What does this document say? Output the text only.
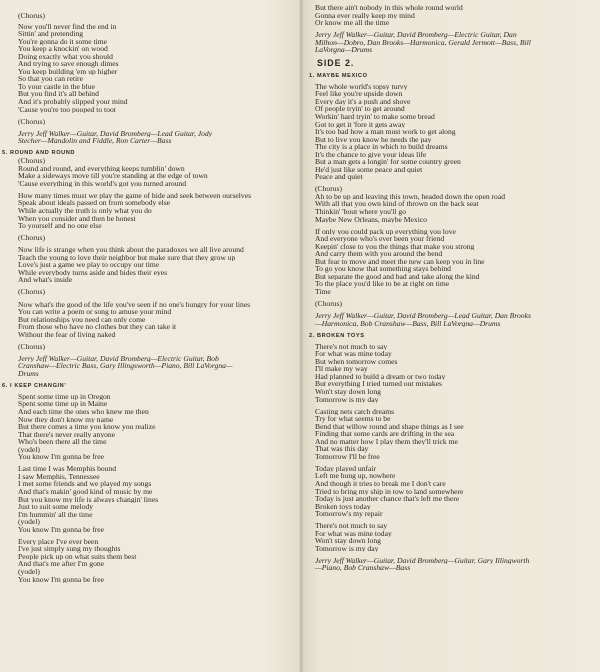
(Chorus)
Now you'll never find the end in
Sittin' and pretending
You're gonna do it some time
You keep a knockin' on wood
Doing exactly what you should
And trying to save enough dimes
You keep building 'em up higher
So that you can retire
To your castle in the blue
But you find it's all behind
And it's probably slipped your mind
'Cause you're too pooped to toot
(Chorus)
Jerry Jeff Walker—Guitar, David Bromberg—Lead Guitar, Jody
Stecher—Mandolin and Fiddle, Ron Carter—Bass
5. ROUND AND ROUND
(Chorus)
Round and round, and everything keeps tumblin' down
Make a sideways move till you're standing at the edge of town
'Cause everything in this world's got you turned around
How many times must we play the game of hide and seek between ourselves
Speak about ideals passed on from somebody else
While actually the truth is only what you do
When you consider and then be honest
To yourself and no one else
(Chorus)
Now life is strange when you think about the paradoxes we all live around
Teach the young to love their neighbor but make sure that they grow up
Love's just a game we play to occupy our time
While everybody turns aside and hides their eyes
And what's inside
(Chorus)
Now what's the good of the life you've seen if no one's hungry for your lines
You can write a poem or song to amuse your mind
But relationships you need can only come
From those who have no clothes but they can take it
Without the fear of living naked
(Chorus)
Jerry Jeff Walker—Guitar, David Bromberg—Electric Guitar, Bob
Cranshaw—Electric Bass, Gary Illingsworth—Piano, Bill LaVorgna—
Drums
6. I KEEP CHANGIN'
Spent some time up in Oregon
Spent some time up in Maine
And each time the ones who knew me then
Now they don't know my name
But there comes a time you know you realize
That there's never really anyone
Who's been there all the time
(yodel)
You know I'm gonna be free
Last time I was Memphis bound
I saw Memphis, Tennessee
I met some friends and we played my songs
And that's makin' good kind of music by me
But you know my life is always changin' lines
Just to suit some melody
I'm hummin' all the time
(yodel)
You know I'm gonna be free
Every place I've ever been
I've just simply sung my thoughts
People pick up on what suits them best
And that's me after I'm gone
(yodel)
You know I'm gonna be free
But there ain't nobody in this whole round world
Gonna ever really keep my mind
Or know me all the time
Jerry Jeff Walker—Guitar, David Bromberg—Electric Guitar, Dan
Milhon—Dobro, Dan Brooks—Harmonica, Gerald Jermott—Bass, Bill
LaVorgna—Drums
SIDE 2.
1. MAYBE MEXICO
The whole world's topsy turvy
Feel like you're upside down
Every day it's a push and shove
Of people tryin' to get around
Workin' hard tryin' to make some bread
Got to get it 'fore it gets away
It's too bad how a man must work to get along
But to live you know he needs the pay
The city is a place in which to build dreams
It's the chance to give your ideas life
But a man gets a longin' for some country green
He'd just like some peace and quiet
Peace and quiet
(Chorus)
Ah to be up and leaving this town, headed down the open road
With all that you own kind of thrown on the back seat
Thinkin' 'bout where you'll go
Maybe New Orleans, maybe Mexico
If only you could pack up everything you love
And everyone who's ever been your friend
Keepin' close to you the things that make you strong
And carry them with you around the bend
But fear to move and meet the new can keep you in line
To go you know that something stays behind
But separate the good and bad and take along the kind
To the place you'd like to be at right on time
Time
(Chorus)
Jerry Jeff Walker—Guitar, David Bromberg—Lead Guitar, Dan Brooks
—Harmonica, Bob Cranshaw—Bass, Bill LaVorgna—Drums
2. BROKEN TOYS
There's not much to say
For what was mine today
But when tomorrow comes
I'll make my way
Had planned to build a dream or two today
But everything I tried turned out mistakes
Won't stay down long
Tomorrow is my day
Casting nets catch dreams
Try for what seems to be
Bend that willow round and shape things as I see
Finding that some cards are drifting in the sea
And no matter how I play them they'll trick me
That was this day
Tomorrow I'll be free
Today played unfair
Left me hung up, nowhere
And though it tries to break me I don't care
Tried to bring my ship in tow to land somewhere
Today is just another chance that's left me there
Broken toys today
Tomorrow's my repair
There's not much to say
For what was mine today
Won't stay down long
Tomorrow is my day
Jerry Jeff Walker—Guitar, David Bromberg—Guitar, Gary Illingworth
—Piano, Bob Cranshaw—Bass
